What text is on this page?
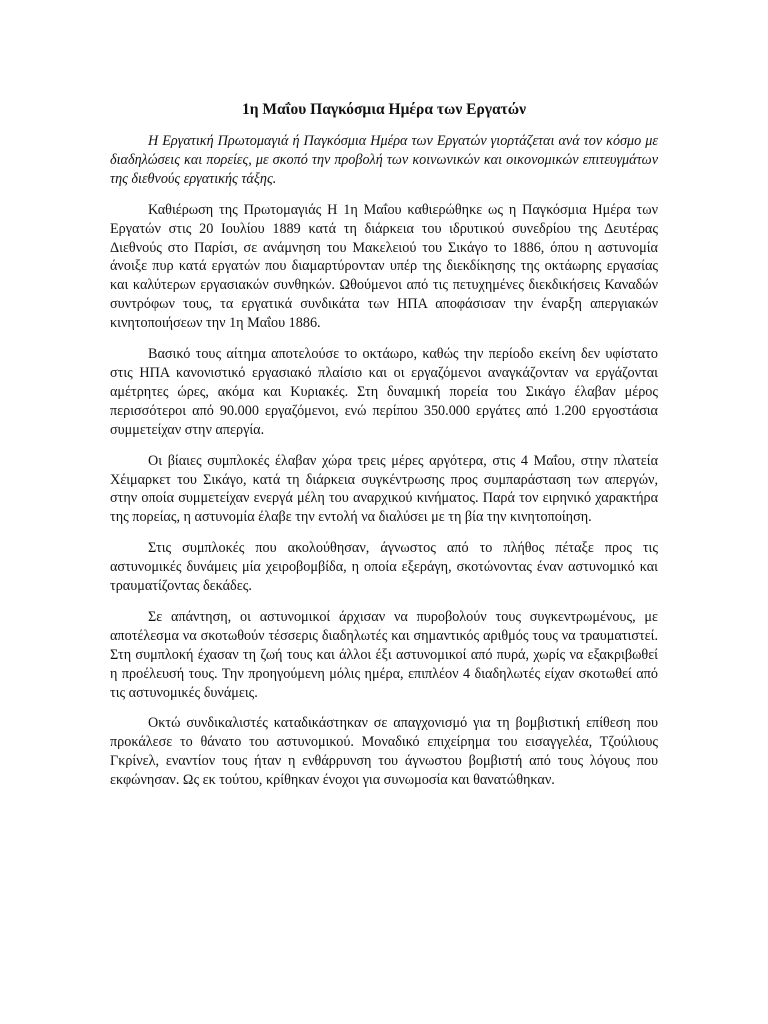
1η Μαΐου Παγκόσμια Ημέρα των Εργατών

Η Εργατική Πρωτομαγιά ή Παγκόσμια Ημέρα των Εργατών γιορτάζεται ανά τον κόσμο με διαδηλώσεις και πορείες, με σκοπό την προβολή των κοινωνικών και οικονομικών επιτευγμάτων της διεθνούς εργατικής τάξης.

Καθιέρωση της Πρωτομαγιάς Η 1η Μαΐου καθιερώθηκε ως η Παγκόσμια Ημέρα των Εργατών στις 20 Ιουλίου 1889 κατά τη διάρκεια του ιδρυτικού συνεδρίου της Δευτέρας Διεθνούς στο Παρίσι, σε ανάμνηση του Μακελειού του Σικάγο το 1886, όπου η αστυνομία άνοιξε πυρ κατά εργατών που διαμαρτύρονταν υπέρ της διεκδίκησης της οκτάωρης εργασίας και καλύτερων εργασιακών συνθηκών. Ωθούμενοι από τις πετυχημένες διεκδικήσεις Καναδών συντρόφων τους, τα εργατικά συνδικάτα των ΗΠΑ αποφάσισαν την έναρξη απεργιακών κινητοποιήσεων την 1η Μαΐου 1886.

Βασικό τους αίτημα αποτελούσε το οκτάωρο, καθώς την περίοδο εκείνη δεν υφίστατο στις ΗΠΑ κανονιστικό εργασιακό πλαίσιο και οι εργαζόμενοι αναγκάζονταν να εργάζονται αμέτρητες ώρες, ακόμα και Κυριακές. Στη δυναμική πορεία του Σικάγο έλαβαν μέρος περισσότεροι από 90.000 εργαζόμενοι, ενώ περίπου 350.000 εργάτες από 1.200 εργοστάσια συμμετείχαν στην απεργία.

Οι βίαιες συμπλοκές έλαβαν χώρα τρεις μέρες αργότερα, στις 4 Μαΐου, στην πλατεία Χέιμαρκετ του Σικάγο, κατά τη διάρκεια συγκέντρωσης προς συμπαράσταση των απεργών, στην οποία συμμετείχαν ενεργά μέλη του αναρχικού κινήματος. Παρά τον ειρηνικό χαρακτήρα της πορείας, η αστυνομία έλαβε την εντολή να διαλύσει με τη βία την κινητοποίηση.

Στις συμπλοκές που ακολούθησαν, άγνωστος από το πλήθος πέταξε προς τις αστυνομικές δυνάμεις μία χειροβομβίδα, η οποία εξεράγη, σκοτώνοντας έναν αστυνομικό και τραυματίζοντας δεκάδες.

Σε απάντηση, οι αστυνομικοί άρχισαν να πυροβολούν τους συγκεντρωμένους, με αποτέλεσμα να σκοτωθούν τέσσερις διαδηλωτές και σημαντικός αριθμός τους να τραυματιστεί. Στη συμπλοκή έχασαν τη ζωή τους και άλλοι έξι αστυνομικοί από πυρά, χωρίς να εξακριβωθεί η προέλευσή τους. Την προηγούμενη μόλις ημέρα, επιπλέον 4 διαδηλωτές είχαν σκοτωθεί από τις αστυνομικές δυνάμεις.

Οκτώ συνδικαλιστές καταδικάστηκαν σε απαγχονισμό για τη βομβιστική επίθεση που προκάλεσε το θάνατο του αστυνομικού. Μοναδικό επιχείρημα του εισαγγελέα, Τζούλιους Γκρίνελ, εναντίον τους ήταν η ενθάρρυνση του άγνωστου βομβιστή από τους λόγους που εκφώνησαν. Ως εκ τούτου, κρίθηκαν ένοχοι για συνωμοσία και θανατώθηκαν.
